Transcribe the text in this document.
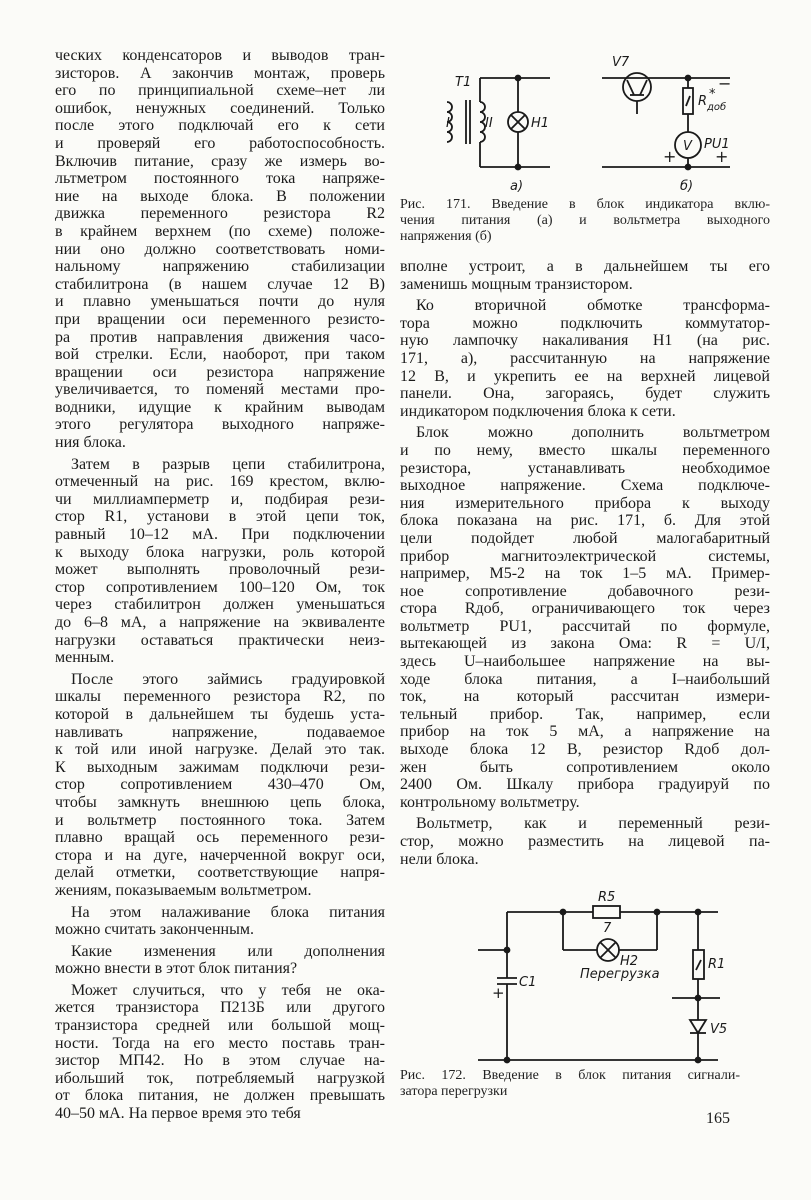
ческих конденсаторов и выводов тран-
зисторов. А закончив монтаж, проверь
его по принципиальной схеме–нет ли
ошибок, ненужных соединений. Только
после этого подключай его к сети
и проверяй его работоспособность.
Включив питание, сразу же измерь во-
льтметром постоянного тока напряже-
ние на выходе блока. В положении
движка переменного резистора R2
в крайнем верхнем (по схеме) положе-
нии оно должно соответствовать номи-
нальному напряжению стабилизации
стабилитрона (в нашем случае 12 В)
и плавно уменьшаться почти до нуля
при вращении оси переменного резисто-
ра против направления движения часо-
вой стрелки. Если, наоборот, при таком
вращении оси резистора напряжение
увеличивается, то поменяй местами про-
водники, идущие к крайним выводам
этого регулятора выходного напряже-
ния блока.
Затем в разрыв цепи стабилитрона,
отмеченный на рис. 169 крестом, вклю-
чи миллиамперметр и, подбирая рези-
стор R1, установи в этой цепи ток,
равный 10–12 мА. При подключении
к выходу блока нагрузки, роль которой
может выполнять проволочный рези-
стор сопротивлением 100–120 Ом, ток
через стабилитрон должен уменьшаться
до 6–8 мА, а напряжение на эквиваленте
нагрузки оставаться практически неиз-
менным.
После этого займись градуировкой
шкалы переменного резистора R2, по
которой в дальнейшем ты будешь уста-
навливать напряжение, подаваемое
к той или иной нагрузке. Делай это так.
К выходным зажимам подключи рези-
стор сопротивлением 430–470 Ом,
чтобы замкнуть внешнюю цепь блока,
и вольтметр постоянного тока. Затем
плавно вращай ось переменного рези-
стора и на дуге, начерченной вокруг оси,
делай отметки, соответствующие напря-
жениям, показываемым вольтметром.
На этом налаживание блока питания
можно считать законченным.
Какие изменения или дополнения
можно внести в этот блок питания?
Может случиться, что у тебя не ока-
жется транзистора П213Б или другого
транзистора средней или большой мощ-
ности. Тогда на его место поставь тран-
зистор МП42. Но в этом случае на-
ибольший ток, потребляемый нагрузкой
от блока питания, не должен превышать
40–50 мА. На первое время это тебя
вполне устроит, а в дальнейшем ты его
заменишь мощным транзистором.
Ко вторичной обмотке трансформа-
тора можно подключить коммутатор-
ную лампочку накаливания Н1 (на рис.
171, а), рассчитанную на напряжение
12 В, и укрепить ее на верхней лицевой
панели. Она, загораясь, будет служить
индикатором подключения блока к сети.
Блок можно дополнить вольтметром
и по нему, вместо шкалы переменного
резистора, устанавливать необходимое
выходное напряжение. Схема подключе-
ния измерительного прибора к выходу
блока показана на рис. 171, б. Для этой
цели подойдет любой малогабаритный
прибор магнитоэлектрической системы,
например, М5-2 на ток 1–5 мА. Пример-
ное сопротивление добавочного рези-
стора Rдоб, ограничивающего ток через
вольтметр PU1, рассчитай по формуле,
вытекающей из закона Ома: R = U/I,
здесь U–наибольшее напряжение на вы-
ходе блока питания, а I–наибольший
ток, на который рассчитан измери-
тельный прибор. Так, например, если
прибор на ток 5 мА, а напряжение на
выходе блока 12 В, резистор Rдоб дол-
жен быть сопротивлением около
2400 Ом. Шкалу прибора градуируй по
контрольному вольтметру.
Вольтметр, как и переменный рези-
стор, можно разместить на лицевой па-
нели блока.
Рис. 171. Введение в блок индикатора вклю-
чения питания (а) и вольтметра выходного
напряжения (б)
Рис. 172. Введение в блок питания сигнали-
затора перегрузки
165
T1
I	II	H1
а)
V7
R доб
*
V PU1
−
+ +
б)
R5
7
H2
Перегрузка
C1
+
R1
V5
